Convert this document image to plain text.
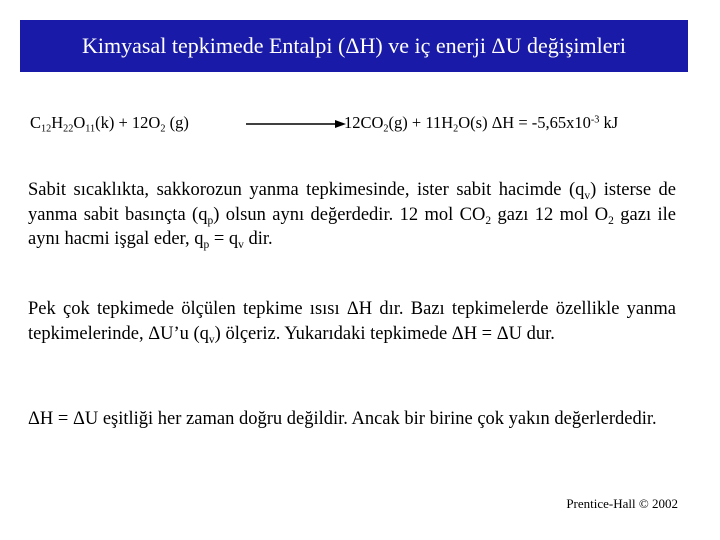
Kimyasal tepkimede Entalpi (ΔH) ve iç enerji ΔU değişimleri
$C_{12}H_{22}O_{11}(k) + 12O_2$ (g)	$12CO_2(g) + 11H_2O(s) \Delta H = -5,65x10^{-3}$ kJ

Sabit sıcaklıkta, sakkorozun yanma tepkimesinde, ister sabit hacimde $(q_v)$ isterse de yanma sabit basınçta $(q_p)$ olsun aynı değerdedir. 12 mol $CO_2$ gazı 12 mol $O_2$ gazı ile aynı hacmi işgal eder, $q_p = q_v$ dir.

Pek çok tepkimede ölçülen tepkime ısısı ΔH dır. Bazı tepkimelerde özellikle yanma tepkimelerinde, ΔU’u $(q_v)$ ölçeriz. Yukarıdaki tepkimede ΔH = ΔU dur.

ΔH = ΔU eşitliği her zaman doğru değildir. Ancak bir birine çok yakın değerlerdedir.

Prentice-Hall © 2002
